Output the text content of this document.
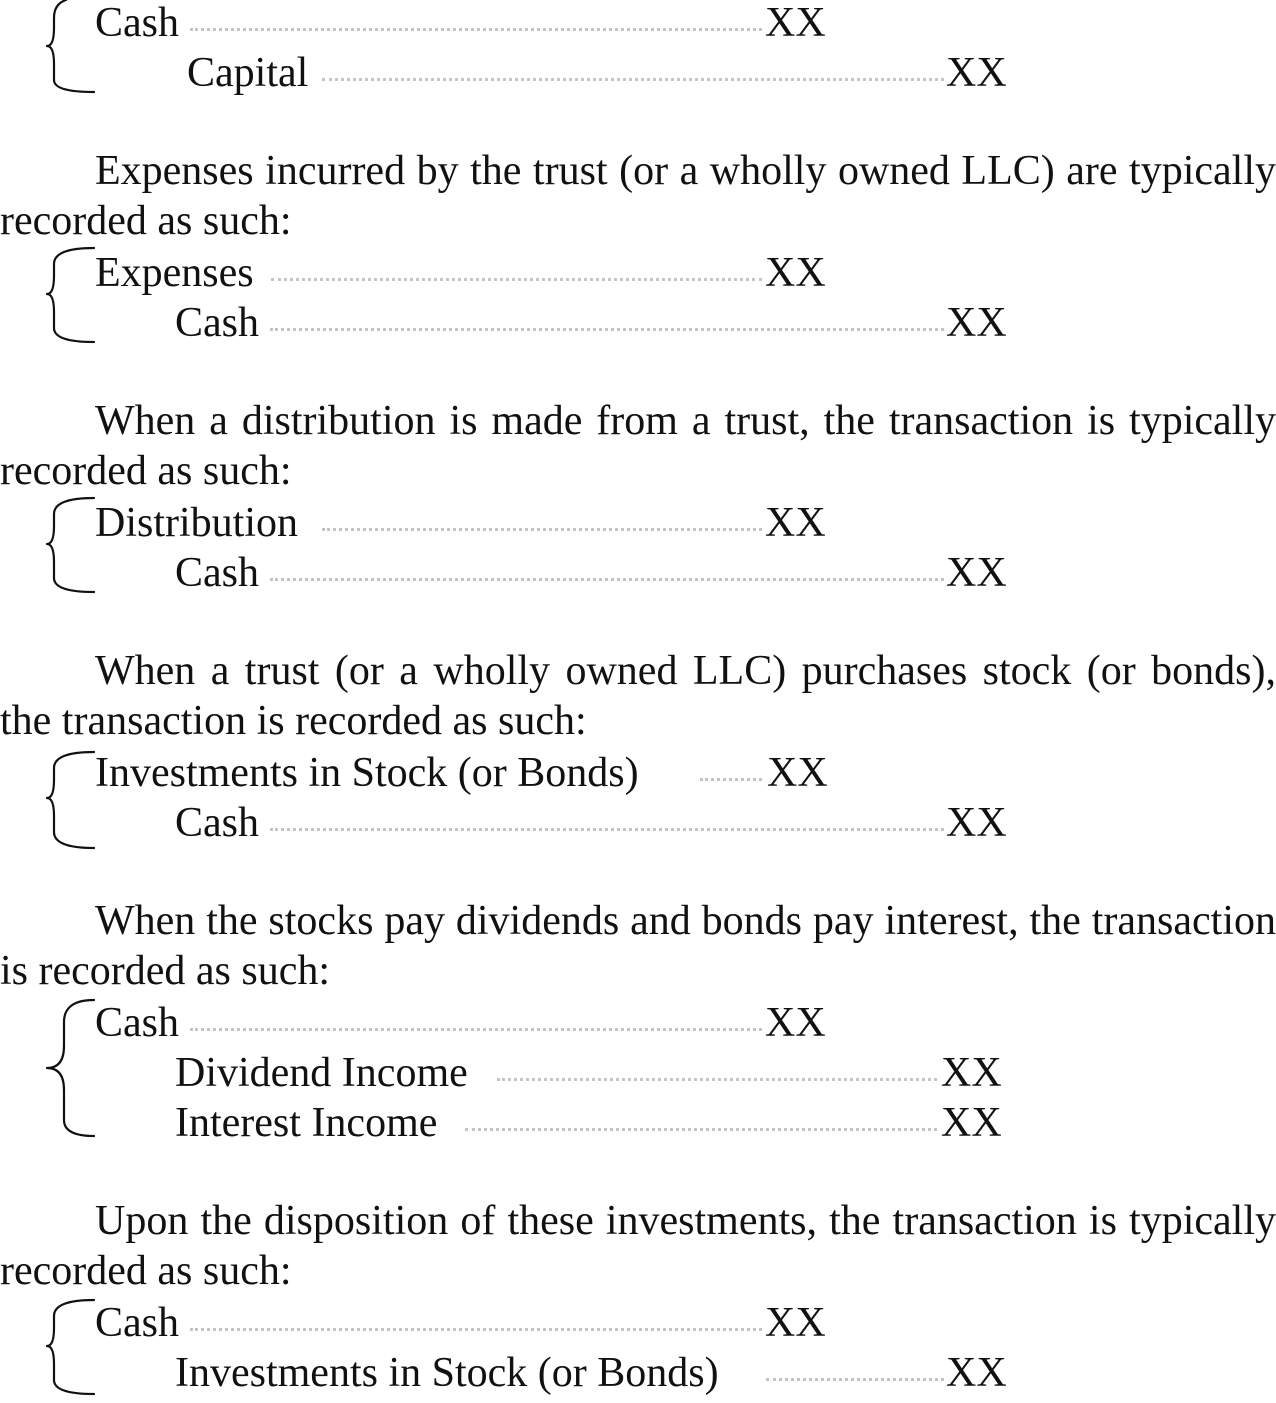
Cash	XX
Capital	XX
Expenses incurred by the trust (or a wholly owned LLC) are typically recorded as such:
Expenses	XX
Cash	XX
When a distribution is made from a trust, the transaction is typically recorded as such:
Distribution	XX
Cash	XX
When a trust (or a wholly owned LLC) purchases stock (or bonds), the transaction is recorded as such:
Investments in Stock (or Bonds)	XX
Cash	XX
When the stocks pay dividends and bonds pay interest, the transaction is recorded as such:
Cash	XX
Dividend Income	XX
Interest Income	XX
Upon the disposition of these investments, the transaction is typically recorded as such:
Cash	XX
Investments in Stock (or Bonds)	XX
